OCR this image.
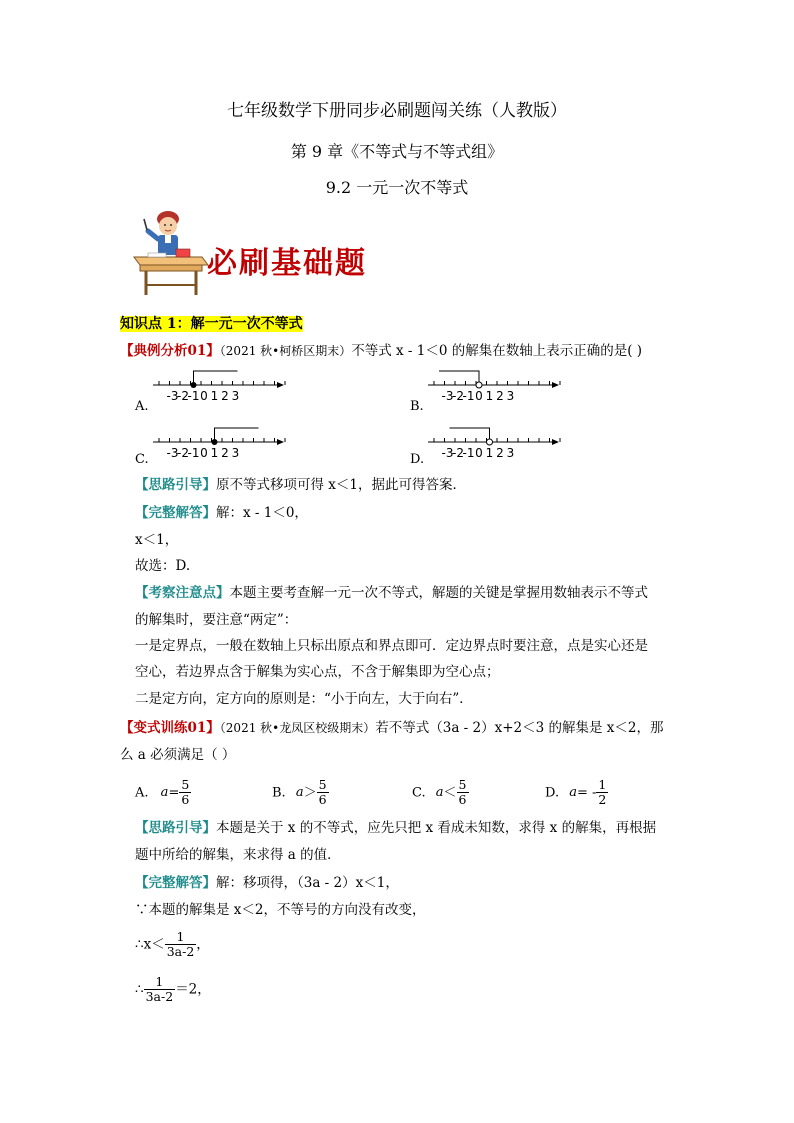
七年级数学下册同步必刷题闯关练（人教版）
第 9 章《不等式与不等式组》
9.2 一元一次不等式
必刷基础题
知识点 1：解一元一次不等式
【典例分析01】（2021 秋•柯桥区期末）不等式 x - 1＜0 的解集在数轴上表示正确的是( )
A.
-3
-2
-1 0 1 2 3
B.
-3
-2
-1 0 1 2 3
C. -3
-2
-1 0 1 2 3	D. -3
-2
-1 0 1 2 3
【思路引导】原不等式移项可得 x＜1，据此可得答案．
【完整解答】解：x - 1＜0，
x＜1，
故选：D.
【考察注意点】本题主要考查解一元一次不等式，解题的关键是掌握用数轴表示不等式
的解集时，要注意“两定”：
一是定界点，一般在数轴上只标出原点和界点即可．定边界点时要注意，点是实心还是
空心，若边界点含于解集为实心点，不含于解集即为空心点；
二是定方向，定方向的原则是：“小于向左，大于向右”．
【变式训练01】（2021 秋•龙凤区校级期末）若不等式（3a - 2）x+2＜3 的解集是 x＜2，那
么 a 必须满足（ ）
A. $a= \frac{5}{6}$	B. $a> \frac{5}{6}$	C. $a< \frac{5}{6}$	D. $a= - \frac{1}{2}$
【思路引导】本题是关于 x 的不等式，应先只把 x 看成未知数，求得 x 的解集，再根据
题中所给的解集，来求得 a 的值．
【完整解答】解：移项得，（3a - 2）x＜1，
∵本题的解集是 x＜2，不等号的方向没有改变，
∴x＜ $\frac{1}{3a-2}$ ，
∴ $\frac{1}{3a-2} =2$，
